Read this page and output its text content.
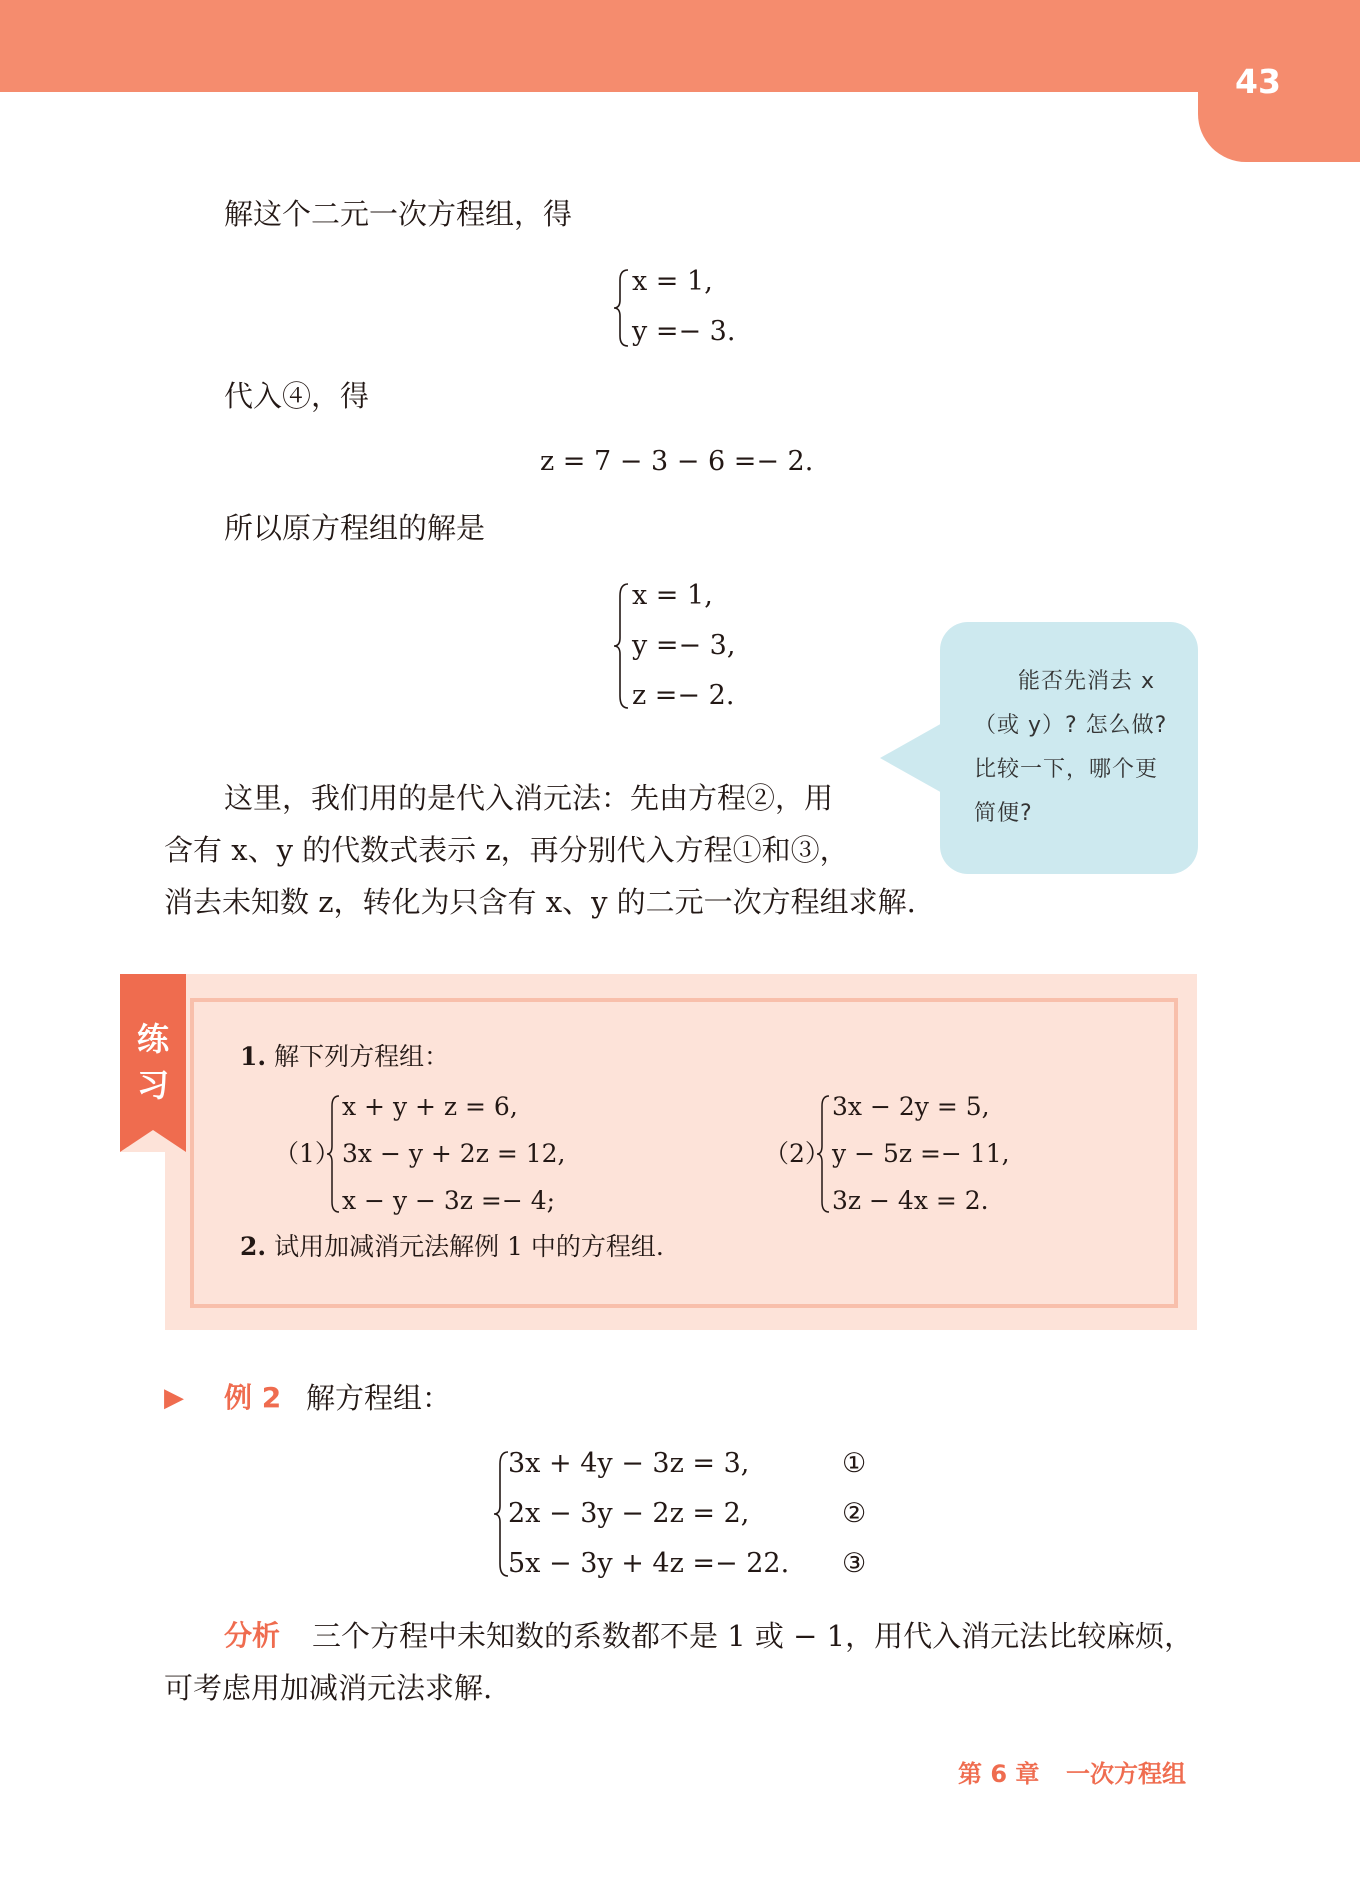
43
解这个二元一次方程组，得
x = 1,
y =− 3.
代入④，得
z = 7 − 3 − 6 =− 2.
所以原方程组的解是
x = 1,
y =− 3,
z =− 2.	能否先消去 x
（或 y）? 怎么做?
比较一下，哪个更
简便?
这里，我们用的是代入消元法：先由方程②，用
含有 x、y 的代数式表示 z，再分别代入方程①和③，
消去未知数 z，转化为只含有 x、y 的二元一次方程组求解.
练
习
1. 解下列方程组：
（1）
x + y + z = 6,
3x − y + 2z = 12,
x − y − 3z =− 4;
（2）
3x − 2y = 5,
y − 5z =− 11,
3z − 4x = 2.
2. 试用加减消元法解例 1 中的方程组.
▶ 例 2 解方程组：
3x + 4y − 3z = 3,
2x − 3y − 2z = 2,
5x − 3y + 4z =− 22.
①
②
③
分析 三个方程中未知数的系数都不是 1 或 − 1，用代入消元法比较麻烦，
可考虑用加减消元法求解.
第 6 章 一次方程组
